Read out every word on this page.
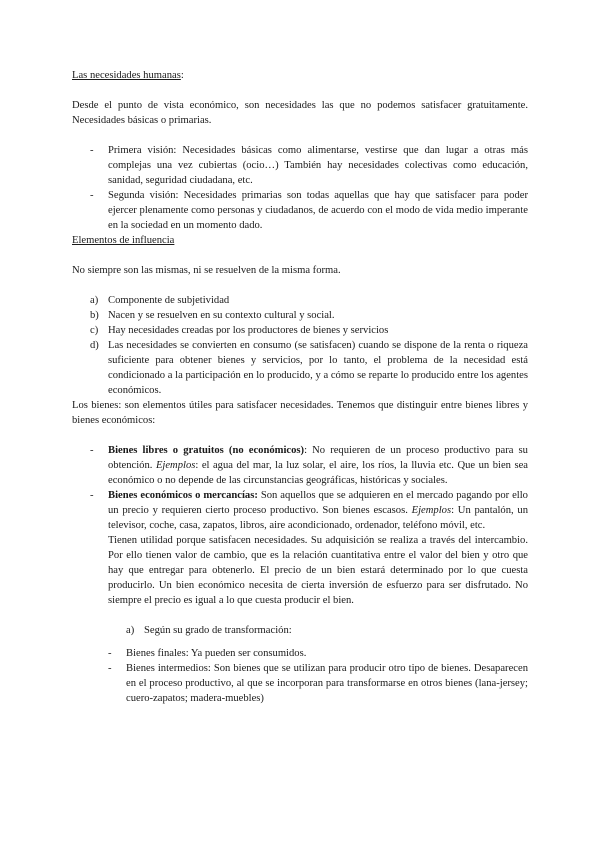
Las necesidades humanas:

Desde el punto de vista económico, son necesidades las que no podemos satisfacer gratuitamente. Necesidades básicas o primarias.

- Primera visión: Necesidades básicas como alimentarse, vestirse que dan lugar a otras más complejas una vez cubiertas (ocio…) También hay necesidades colectivas como educación, sanidad, seguridad ciudadana, etc.
- Segunda visión: Necesidades primarias son todas aquellas que hay que satisfacer para poder ejercer plenamente como personas y ciudadanos, de acuerdo con el modo de vida medio imperante en la sociedad en un momento dado.

Elementos de influencia

No siempre son las mismas, ni se resuelven de la misma forma.

a) Componente de subjetividad
b) Nacen y se resuelven en su contexto cultural y social.
c) Hay necesidades creadas por los productores de bienes y servicios
d) Las necesidades se convierten en consumo (se satisfacen) cuando se dispone de la renta o riqueza suficiente para obtener bienes y servicios, por lo tanto, el problema de la necesidad está condicionado a la participación en lo producido, y a cómo se reparte lo producido entre los agentes económicos.

Los bienes: son elementos útiles para satisfacer necesidades. Tenemos que distinguir entre bienes libres y bienes económicos:

- Bienes libres o gratuitos (no económicos): No requieren de un proceso productivo para su obtención. Ejemplos: el agua del mar, la luz solar, el aire, los ríos, la lluvia etc. Que un bien sea económico o no depende de las circunstancias geográficas, históricas y sociales.
- Bienes económicos o mercancías: Son aquellos que se adquieren en el mercado pagando por ello un precio y requieren cierto proceso productivo. Son bienes escasos. Ejemplos: Un pantalón, un televisor, coche, casa, zapatos, libros, aire acondicionado, ordenador, teléfono móvil, etc.

Tienen utilidad porque satisfacen necesidades. Su adquisición se realiza a través del intercambio. Por ello tienen valor de cambio, que es la relación cuantitativa entre el valor del bien y otro que hay que entregar para obtenerlo. El precio de un bien estará determinado por lo que cuesta producirlo. Un bien económico necesita de cierta inversión de esfuerzo para ser disfrutado. No siempre el precio es igual a lo que cuesta producir el bien.

a) Según su grado de transformación:
- Bienes finales: Ya pueden ser consumidos.
- Bienes intermedios: Son bienes que se utilizan para producir otro tipo de bienes. Desaparecen en el proceso productivo, al que se incorporan para transformarse en otros bienes (lana-jersey; cuero-zapatos; madera-muebles)
